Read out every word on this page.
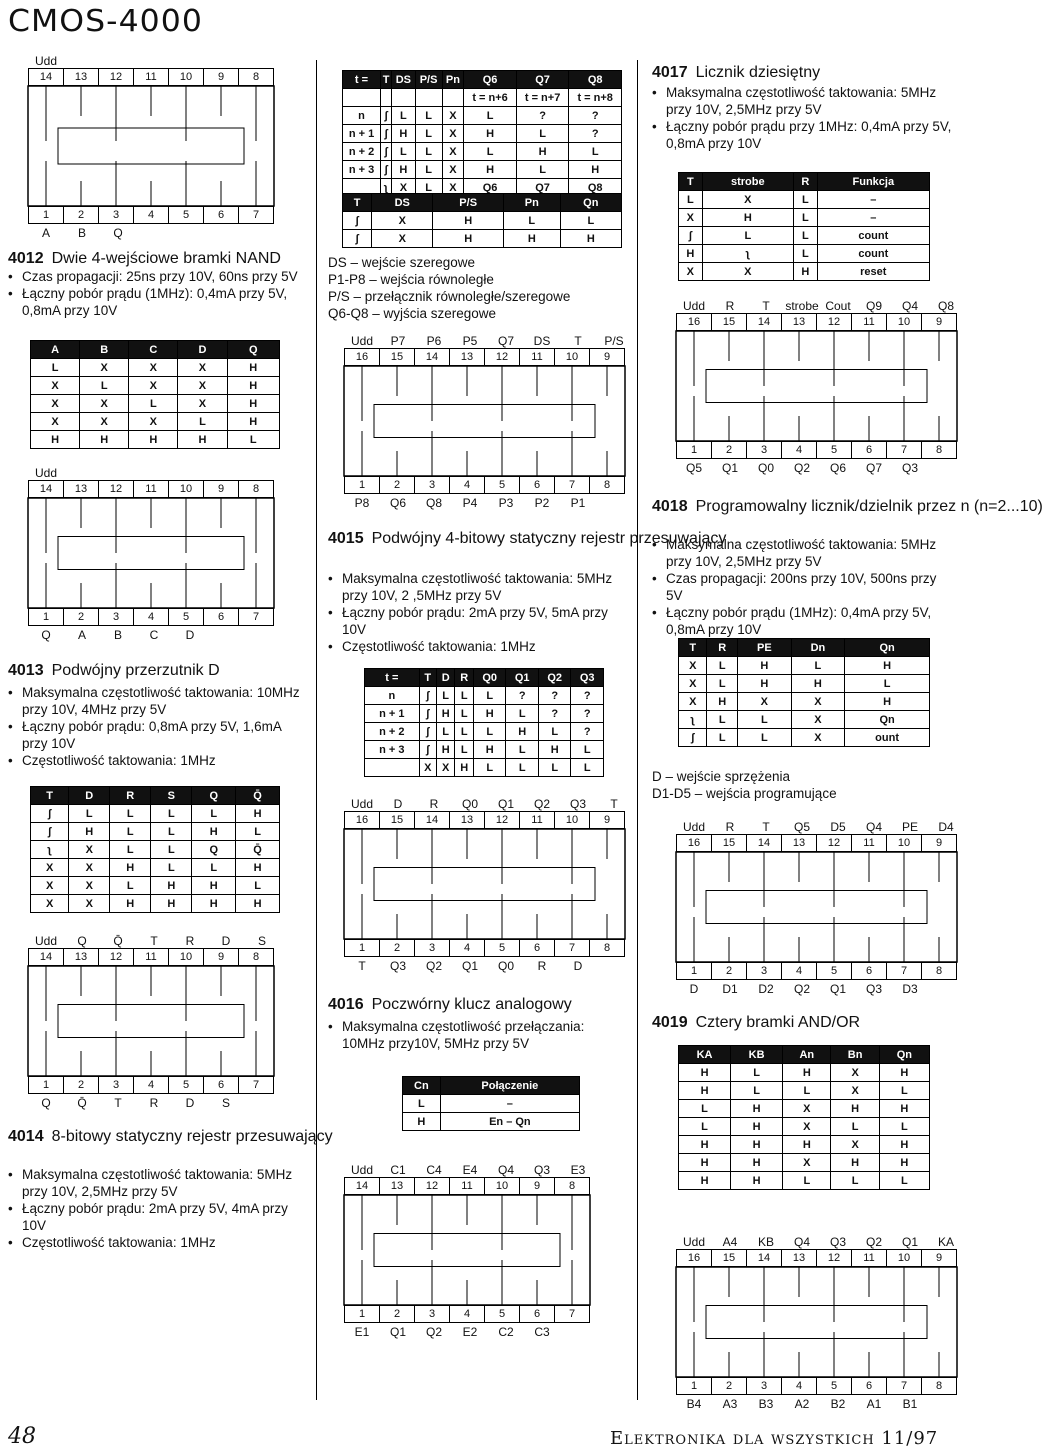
CMOS-4000
Udd
14	13	12	11	10	9	8
1	2	3	4	5	6	7
A	B	Q
4012 Dwie 4-wejściowe bramki NAND
• Czas propagacji: 25ns przy 10V, 60ns przy 5V
• Łączny pobór prądu (1MHz): 0,4mA przy 5V, 0,8mA przy 10V
A	B	C	D	Q
L	X	X	X	H
X	L	X	X	H
X	X	L	X	H
X	X	X	L	H
H	H	H	H	L
Udd
14	13	12	11	10	9	8
1	2	3	4	5	6	7
Q	A	B	C	D
4013 Podwójny przerzutnik D
• Maksymalna częstotliwość taktowania: 10MHz przy 10V, 4MHz przy 5V
• Łączny pobór prądu: 0,8mA przy 5V, 1,6mA przy 10V
• Częstotliwość taktowania: 1MHz
T	D	R	S	Q	Q̄
ʃ	L	L	L	L	H
ʃ	H	L	L	H	L
ʅ	X	L	L	Q	Q̄
X	X	H	L	L	H
X	X	L	H	H	L
X	X	H	H	H	H
Udd	Q	Q̄	T	R	D	S
14	13	12	11	10	9	8
1	2	3	4	5	6	7
Q	Q̄	T	R	D	S
4014 8-bitowy statyczny rejestr przesuwający
• Maksymalna częstotliwość taktowania: 5MHz przy 10V, 2,5MHz przy 5V
• Łączny pobór prądu: 2mA przy 5V, 4mA przy 10V
• Częstotliwość taktowania: 1MHz
t =	T	DS	P/S	Pn	Q6	Q7	Q8
					t = n+6	t = n+7	t = n+8
n	ʃ	L	L	X	L	?	?
n + 1	ʃ	H	L	X	H	L	?
n + 2	ʃ	L	L	X	L	H	L
n + 3	ʃ	H	L	X	H	L	H
	ʅ	X	L	X	Q6	Q7	Q8
T	DS	P/S	Pn	Qn
ʃ	X	H	L	L
ʃ	X	H	H	H
DS – wejście szeregowe
P1-P8 – wejścia równoległe
P/S – przełącznik równoległe/szeregowe
Q6-Q8 – wyjścia szeregowe
Udd	P7	P6	P5	Q7	DS	T	P/S
16	15	14	13	12	11	10	9
1	2	3	4	5	6	7	8
P8	Q6	Q8	P4	P3	P2	P1
4015 Podwójny 4-bitowy statyczny rejestr przesuwający
• Maksymalna częstotliwość taktowania: 5MHz przy 10V, 2 ,5MHz przy 5V
• Łączny pobór prądu: 2mA przy 5V, 5mA przy 10V
• Częstotliwość taktowania: 1MHz
t =	T	D	R	Q0	Q1	Q2	Q3
n	ʃ	L	L	L	?	?	?
n + 1	ʃ	H	L	H	L	?	?
n + 2	ʃ	L	L	L	H	L	?
n + 3	ʃ	H	L	H	L	H	L
	X	X	H	L	L	L	L
Udd	D	R	Q0	Q1	Q2	Q3	T
16	15	14	13	12	11	10	9
1	2	3	4	5	6	7	8
T	Q3	Q2	Q1	Q0	R	D
4016 Poczwórny klucz analogowy
• Maksymalna częstotliwość przełączania: 10MHz przy10V, 5MHz przy 5V
Cn	Połączenie
L	–
H	En – Qn
Udd	C1	C4	E4	Q4	Q3	E3
14	13	12	11	10	9	8
1	2	3	4	5	6	7
E1	Q1	Q2	E2	C2	C3
4017 Licznik dziesiętny
• Maksymalna częstotliwość taktowania: 5MHz przy 10V, 2,5MHz przy 5V
• Łączny pobór prądu przy 1MHz: 0,4mA przy 5V, 0,8mA przy 10V
T	strobe	R	Funkcja
L	X	L	–
X	H	L	–
ʃ	L	L	count
H	ʅ	L	count
X	X	H	reset
Udd	R	T	strobe Cout	Q9	Q4	Q8
16	15	14	13	12	11	10	9
1	2	3	4	5	6	7	8
Q5	Q1	Q0	Q2	Q6	Q7	Q3
4018 Programowalny licznik/dzielnik przez n (n=2...10)
• Maksymalna częstotliwość taktowania: 5MHz przy 10V, 2,5MHz przy 5V
• Czas propagacji: 200ns przy 10V, 500ns przy 5V
• Łączny pobór prądu (1MHz): 0,4mA przy 5V, 0,8mA przy 10V
T	R	PE	Dn	Qn
X	L	H	L	H
X	L	H	H	L
X	H	X	X	H
ʅ	L	L	X	Qn
ʃ	L	L	X	ount
D – wejście sprzężenia
D1-D5 – wejścia programujące
Udd	R	T	Q5	D5	Q4	PE	D4
16	15	14	13	12	11	10	9
1	2	3	4	5	6	7	8
D	D1	D2	Q2	Q1	Q3	D3
4019 Cztery bramki AND/OR
KA	KB	An	Bn	Qn
H	L	H	X	H
H	L	L	X	L
L	H	X	H	H
L	H	X	L	L
H	H	H	X	H
H	H	X	H	H
H	H	L	L	L
Udd	A4	KB	Q4	Q3	Q2	Q1	KA
16	15	14	13	12	11	10	9
1	2	3	4	5	6	7	8
B4	A3	B3	A2	B2	A1	B1
48	Elektronika dla wszystkich 11/97
